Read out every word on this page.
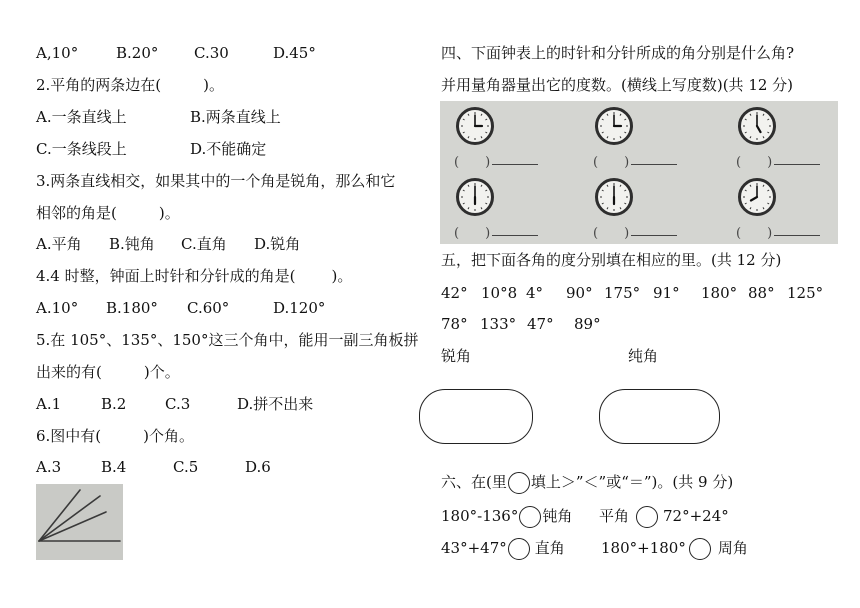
A,10°	B.20° C.30	D.45°
2.平角的两条边在(	)。
A.一条直线上	B.两条直线上
C.一条线段上	D.不能确定
3.两条直线相交，如果其中的一个角是锐角，那么和它
相邻的角是(	)。
A.平角 B.钝角 C.直角 D.锐角
4.4 时整，钟面上时针和分针成的角是( )。
A.10° B.180° C.60°	D.120°
5.在 105°、135°、150°这三个角中，能用一副三角板拼
出来的有(	)个。
A.1	B.2	C.3	D.拼不出来
6.图中有(	)个角。
A.3	B.4	C.5	D.6
四、下面钟表上的时针和分针所成的角分别是什么角?
并用量角器量出它的度数。(横线上写度数)(共 12 分)
(　　)	(　　)	(　　)
(　　)	(　　)	(　　)
五，把下面各角的度分别填在相应的里。(共 12 分)
42° 10°8 4° 90° 175° 91° 180° 88° 125°
78° 133° 47° 89°
锐角	纯角
六、在(里 填上＞”＜”或“＝”)。(共 9 分)
180°-136° 钝角 平角 72°+24°
43°+47° 直角 180°+180° 周角
